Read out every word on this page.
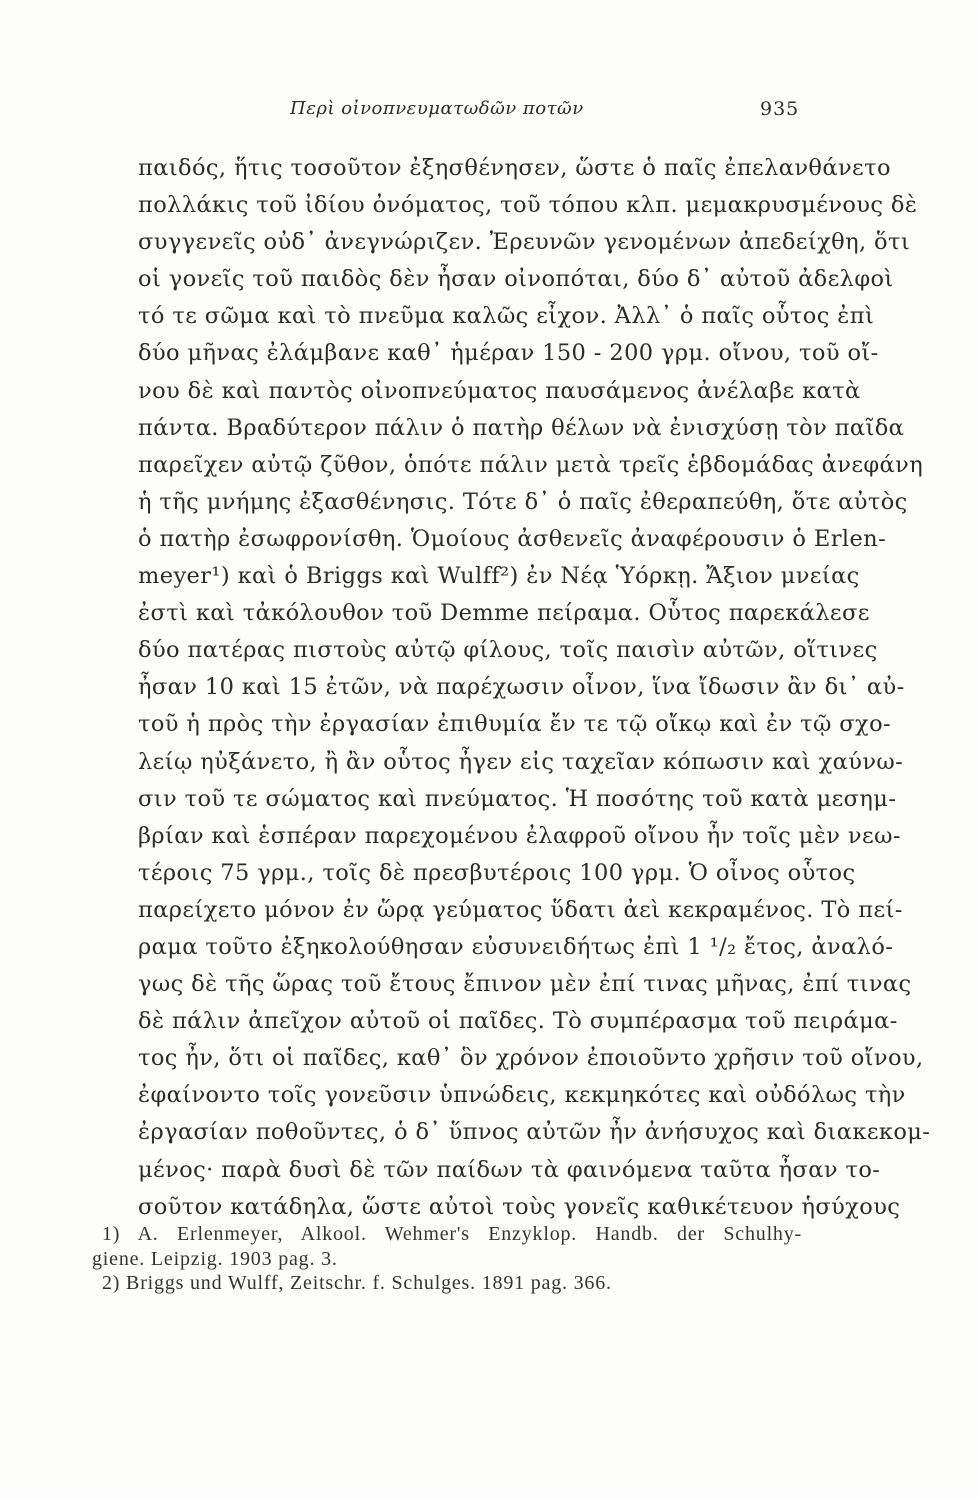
Περὶ οἰνοπνευματωδῶν ποτῶν	935
παιδός, ἥτις τοσοῦτον ἐξησθένησεν, ὥστε ὁ παῖς ἐπελανθάνετο
πολλάκις τοῦ ἰδίου ὀνόματος, τοῦ τόπου κλπ. μεμακρυσμένους δὲ
συγγενεῖς οὐδ᾽ ἀνεγνώριζεν. Ἐρευνῶν γενομένων ἀπεδείχθη, ὅτι
οἱ γονεῖς τοῦ παιδὸς δὲν ἦσαν οἰνοπόται, δύο δ᾽ αὐτοῦ ἀδελφοὶ
τό τε σῶμα καὶ τὸ πνεῦμα καλῶς εἶχον. Ἀλλ᾽ ὁ παῖς οὗτος ἐπὶ
δύο μῆνας ἐλάμβανε καθ᾽ ἡμέραν 150 - 200 γρμ. οἴνου, τοῦ οἴ-
νου δὲ καὶ παντὸς οἰνοπνεύματος παυσάμενος ἀνέλαβε κατὰ
πάντα. Βραδύτερον πάλιν ὁ πατὴρ θέλων νὰ ἐνισχύσῃ τὸν παῖδα
παρεῖχεν αὐτῷ ζῦθον, ὁπότε πάλιν μετὰ τρεῖς ἑβδομάδας ἀνεφάνη
ἡ τῆς μνήμης ἐξασθένησις. Τότε δ᾽ ὁ παῖς ἐθεραπεύθη, ὅτε αὐτὸς
ὁ πατὴρ ἐσωφρονίσθη. Ὁμοίους ἀσθενεῖς ἀναφέρουσιν ὁ Erlen-
meyer¹) καὶ ὁ Briggs καὶ Wulff²) ἐν Νέᾳ Ὑόρκῃ. Ἄξιον μνείας
ἐστὶ καὶ τἀκόλουθον τοῦ Demme πείραμα. Οὗτος παρεκάλεσε
δύο πατέρας πιστοὺς αὐτῷ φίλους, τοῖς παισὶν αὐτῶν, οἵτινες
ἦσαν 10 καὶ 15 ἐτῶν, νὰ παρέχωσιν οἶνον, ἵνα ἴδωσιν ἂν δι᾽ αὐ-
τοῦ ἡ πρὸς τὴν ἐργασίαν ἐπιθυμία ἔν τε τῷ οἴκῳ καὶ ἐν τῷ σχο-
λείῳ ηὐξάνετο, ἢ ἂν οὗτος ἦγεν εἰς ταχεῖαν κόπωσιν καὶ χαύνω-
σιν τοῦ τε σώματος καὶ πνεύματος. Ἡ ποσότης τοῦ κατὰ μεσημ-
βρίαν καὶ ἑσπέραν παρεχομένου ἐλαφροῦ οἴνου ἦν τοῖς μὲν νεω-
τέροις 75 γρμ., τοῖς δὲ πρεσβυτέροις 100 γρμ. Ὁ οἶνος οὗτος
παρείχετο μόνον ἐν ὥρᾳ γεύματος ὕδατι ἀεὶ κεκραμένος. Τὸ πεί-
ραμα τοῦτο ἐξηκολούθησαν εὐσυνειδήτως ἐπὶ 1 ¹/₂ ἔτος, ἀναλό-
γως δὲ τῆς ὥρας τοῦ ἔτους ἔπινον μὲν ἐπί τινας μῆνας, ἐπί τινας
δὲ πάλιν ἀπεῖχον αὐτοῦ οἱ παῖδες. Τὸ συμπέρασμα τοῦ πειράμα-
τος ἦν, ὅτι οἱ παῖδες, καθ᾽ ὃν χρόνον ἐποιοῦντο χρῆσιν τοῦ οἴνου,
ἐφαίνοντο τοῖς γονεῦσιν ὑπνώδεις, κεκμηκότες καὶ οὐδόλως τὴν
ἐργασίαν ποθοῦντες, ὁ δ᾽ ὕπνος αὐτῶν ἦν ἀνήσυχος καὶ διακεκομ-
μένος· παρὰ δυσὶ δὲ τῶν παίδων τὰ φαινόμενα ταῦτα ἦσαν το-
σοῦτον κατάδηλα, ὥστε αὐτοὶ τοὺς γονεῖς καθικέτευον ἡσύχους
1) A. Erlenmeyer, Alkool. Wehmer's Enzyklop. Handb. der Schulhy-
giene. Leipzig. 1903 pag. 3.
2) Briggs und Wulff, Zeitschr. f. Schulges. 1891 pag. 366.
